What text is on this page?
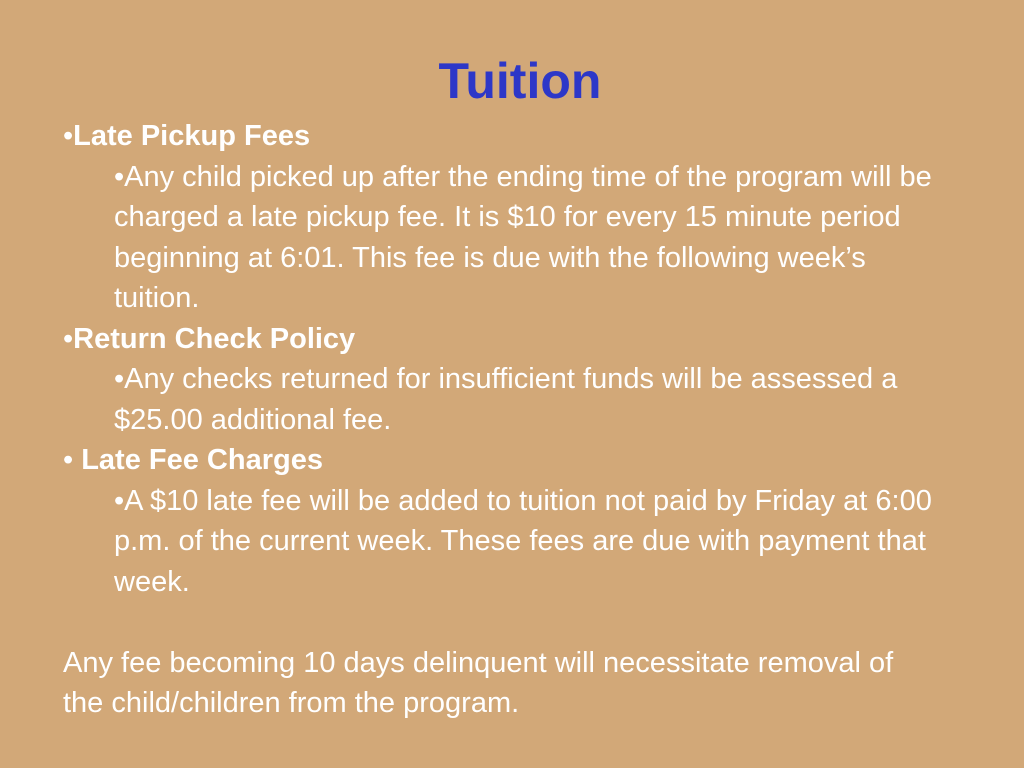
Tuition
•Late Pickup Fees
•Any child picked up after the ending time of the program will be charged a late pickup fee. It is $10 for every 15 minute period beginning at 6:01. This fee is due with the following week’s tuition.
•Return Check Policy
•Any checks returned for insufficient funds will be assessed a $25.00 additional fee.
• Late Fee Charges
•A $10 late fee will be added to tuition not paid by Friday at 6:00 p.m. of the current week. These fees are due with payment that week.
Any fee becoming 10 days delinquent will necessitate removal of the child/children from the program.
